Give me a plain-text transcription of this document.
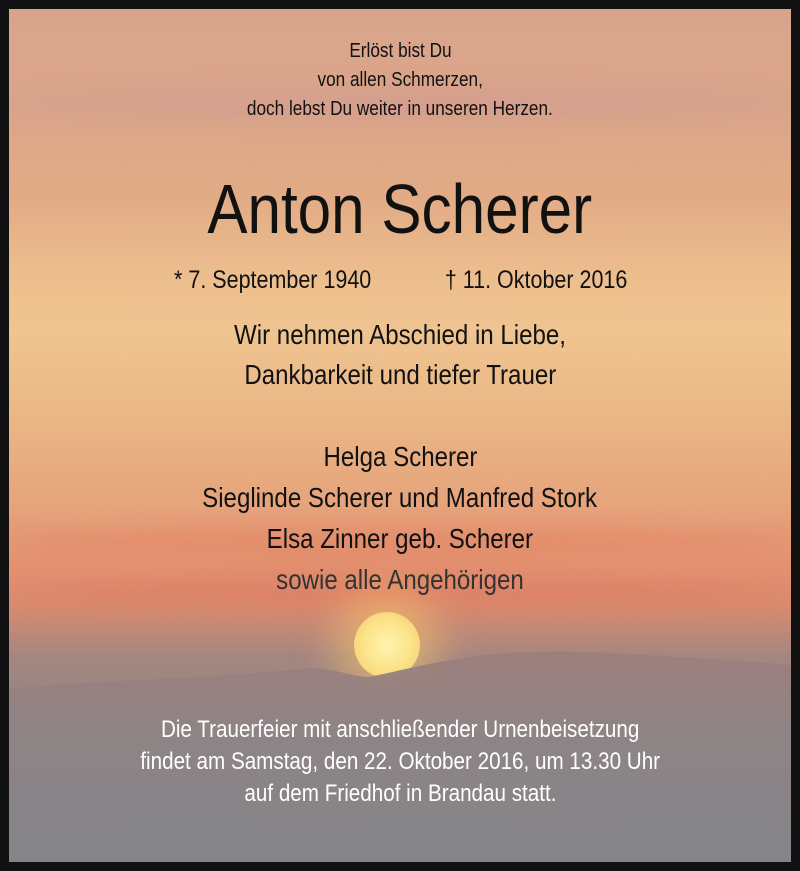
Erlöst bist Du
von allen Schmerzen,
doch lebst Du weiter in unseren Herzen.
Anton Scherer
* 7. September 1940	† 11. Oktober 2016
Wir nehmen Abschied in Liebe,
Dankbarkeit und tiefer Trauer
Helga Scherer
Sieglinde Scherer und Manfred Stork
Elsa Zinner geb. Scherer
sowie alle Angehörigen
Die Trauerfeier mit anschließender Urnenbeisetzung
findet am Samstag, den 22. Oktober 2016, um 13.30 Uhr
auf dem Friedhof in Brandau statt.
